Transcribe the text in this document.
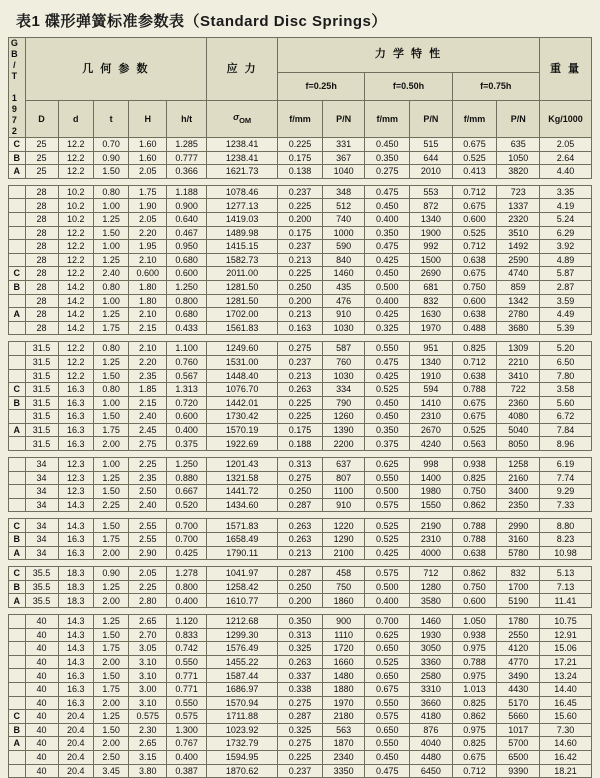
表1 碟形弹簧标准参数表（Standard Disc Springs）
GB/T 1972	几 何 参 数					应 力	力 学 特 性						重 量
							f=0.25h		f=0.50h		f=0.75h		
	D	d	t	H	h/t	$\sigma_{OM}$	f/mm	P/N	f/mm	P/N	f/mm	P/N	Kg/1000
C	25	12.2	0.70	1.60	1.285	1238.41	0.225	331	0.450	515	0.675	635	2.05
B	25	12.2	0.90	1.60	0.777	1238.41	0.175	367	0.350	644	0.525	1050	2.64
A	25	12.2	1.50	2.05	0.366	1621.73	0.138	1040	0.275	2010	0.413	3820	4.40

	28	10.2	0.80	1.75	1.188	1078.46	0.237	348	0.475	553	0.712	723	3.35
	28	10.2	1.00	1.90	0.900	1277.13	0.225	512	0.450	872	0.675	1337	4.19
	28	10.2	1.25	2.05	0.640	1419.03	0.200	740	0.400	1340	0.600	2320	5.24
	28	12.2	1.50	2.20	0.467	1489.98	0.175	1000	0.350	1900	0.525	3510	6.29
	28	12.2	1.00	1.95	0.950	1415.15	0.237	590	0.475	992	0.712	1492	3.92
	28	12.2	1.25	2.10	0.680	1582.73	0.213	840	0.425	1500	0.638	2590	4.89
C	28	12.2	2.40	0.600	0.600	2011.00	0.225	1460	0.450	2690	0.675	4740	5.87
B	28	14.2	0.80	1.80	1.250	1281.50	0.250	435	0.500	681	0.750	859	2.87
	28	14.2	1.00	1.80	0.800	1281.50	0.200	476	0.400	832	0.600	1342	3.59
A	28	14.2	1.25	2.10	0.680	1702.00	0.213	910	0.425	1630	0.638	2780	4.49
	28	14.2	1.75	2.15	0.433	1561.83	0.163	1030	0.325	1970	0.488	3680	5.39

	31.5	12.2	0.80	2.10	1.100	1249.60	0.275	587	0.550	951	0.825	1309	5.20
	31.5	12.2	1.25	2.20	0.760	1531.00	0.237	760	0.475	1340	0.712	2210	6.50
	31.5	12.2	1.50	2.35	0.567	1448.40	0.213	1030	0.425	1910	0.638	3410	7.80
C	31.5	16.3	0.80	1.85	1.313	1076.70	0.263	334	0.525	594	0.788	722	3.58
B	31.5	16.3	1.00	2.15	0.720	1442.01	0.225	790	0.450	1410	0.675	2360	5.60
	31.5	16.3	1.50	2.40	0.600	1730.42	0.225	1260	0.450	2310	0.675	4080	6.72
A	31.5	16.3	1.75	2.45	0.400	1570.19	0.175	1390	0.350	2670	0.525	5040	7.84
	31.5	16.3	2.00	2.75	0.375	1922.69	0.188	2200	0.375	4240	0.563	8050	8.96

	34	12.3	1.00	2.25	1.250	1201.43	0.313	637	0.625	998	0.938	1258	6.19
	34	12.3	1.25	2.35	0.880	1321.58	0.275	807	0.550	1400	0.825	2160	7.74
	34	12.3	1.50	2.50	0.667	1441.72	0.250	1100	0.500	1980	0.750	3400	9.29
	34	14.3	2.25	2.40	0.520	1434.60	0.287	910	0.575	1550	0.862	2350	7.33

C	34	14.3	1.50	2.55	0.700	1571.83	0.263	1220	0.525	2190	0.788	2990	8.80
B	34	16.3	1.75	2.55	0.700	1658.49	0.263	1290	0.525	2310	0.788	3160	8.23
A	34	16.3	2.00	2.90	0.425	1790.11	0.213	2100	0.425	4000	0.638	5780	10.98

C	35.5	18.3	0.90	2.05	1.278	1041.97	0.287	458	0.575	712	0.862	832	5.13
B	35.5	18.3	1.25	2.25	0.800	1258.42	0.250	750	0.500	1280	0.750	1700	7.13
A	35.5	18.3	2.00	2.80	0.400	1610.77	0.200	1860	0.400	3580	0.600	5190	11.41

	40	14.3	1.25	2.65	1.120	1212.68	0.350	900	0.700	1460	1.050	1780	10.75
	40	14.3	1.50	2.70	0.833	1299.30	0.313	1110	0.625	1930	0.938	2550	12.91
	40	14.3	1.75	3.05	0.742	1576.49	0.325	1720	0.650	3050	0.975	4120	15.06
	40	14.3	2.00	3.10	0.550	1455.22	0.263	1660	0.525	3360	0.788	4770	17.21
	40	16.3	1.50	3.10	0.771	1587.44	0.337	1480	0.650	2580	0.975	3490	13.24
	40	16.3	1.75	3.00	0.771	1686.97	0.338	1880	0.675	3310	1.013	4430	14.40
	40	16.3	2.00	3.10	0.550	1570.94	0.275	1970	0.550	3660	0.825	5170	16.45
C	40	20.4	1.25	0.575	0.575	1711.88	0.287	2180	0.575	4180	0.862	5660	15.60
B	40	20.4	1.50	2.30	1.300	1023.92	0.325	563	0.650	876	0.975	1017	7.30
A	40	20.4	2.00	2.65	0.767	1732.79	0.275	1870	0.550	4040	0.825	5700	14.60
	40	20.4	2.50	3.15	0.400	1594.95	0.225	2340	0.450	4480	0.675	6500	16.42
	40	20.4	3.45	3.80	0.387	1870.62	0.237	3350	0.475	6450	0.712	9390	18.21
